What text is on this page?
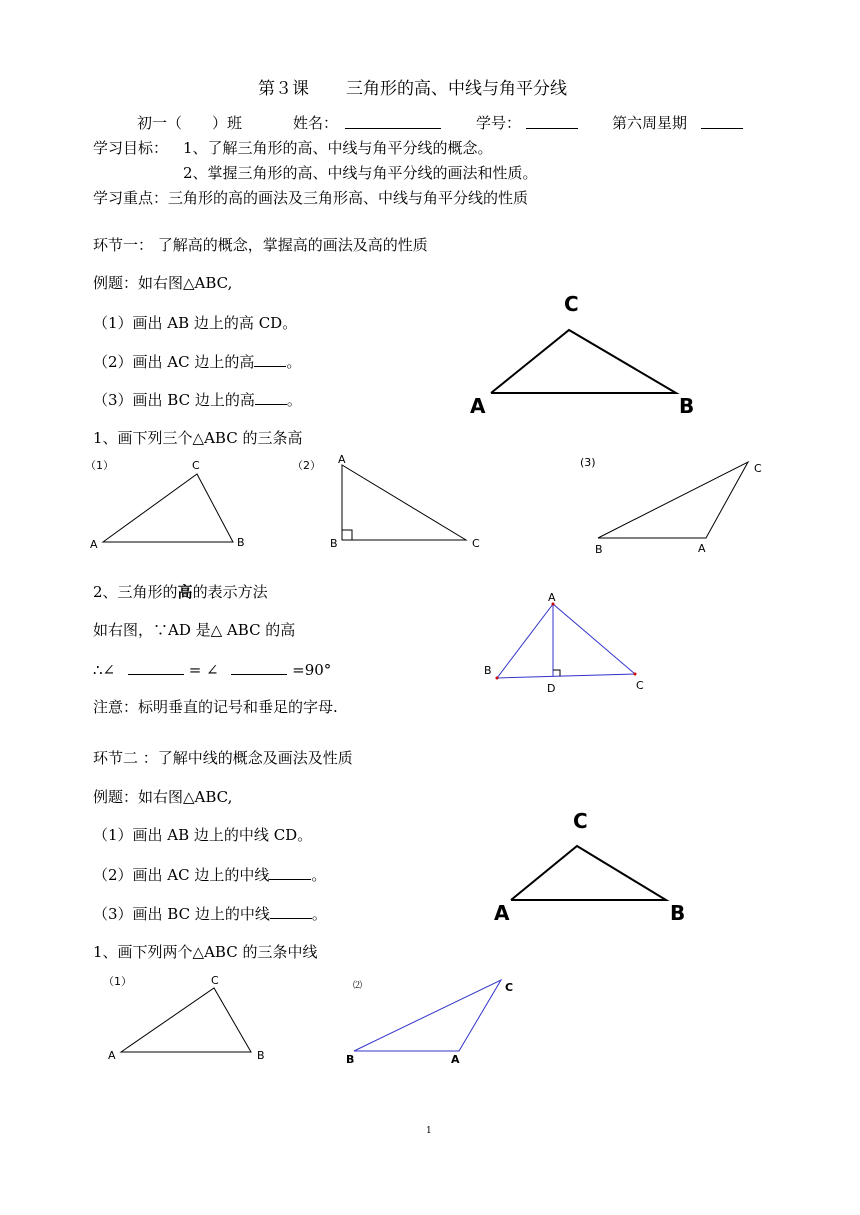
第３课 三角形的高、中线与角平分线
初一（　　）班	姓名：	学号：	第六周星期
学习目标： 1、了解三角形的高、中线与角平分线的概念。
2、掌握三角形的高、中线与角平分线的画法和性质。
学习重点：三角形的高的画法及三角形高、中线与角平分线的性质
环节一： 了解高的概念，掌握高的画法及高的性质
例题：如右图△ABC,
（1）画出 AB 边上的高 CD。
（2）画出 AC 边上的高 。
（3）画出 BC 边上的高 。
1、画下列三个△ABC 的三条高
2、三角形的高的表示方法
如右图，∵AD 是△ ABC 的高
∴∠	= ∠	=90°
注意：标明垂直的记号和垂足的字母.
环节二 ：了解中线的概念及画法及性质
例题：如右图△ABC,
（1）画出 AB 边上的中线 CD。
（2）画出 AC 边上的中线	。
（3）画出 BC 边上的中线	。
1、画下列两个△ABC 的三条中线
1
C
A	B
（1）	C
A	B
（2） A
B	C
(3)	C
B	A
A
B
C
D
C
A	B
（1）	C
A	B
⑵	C
B	A
